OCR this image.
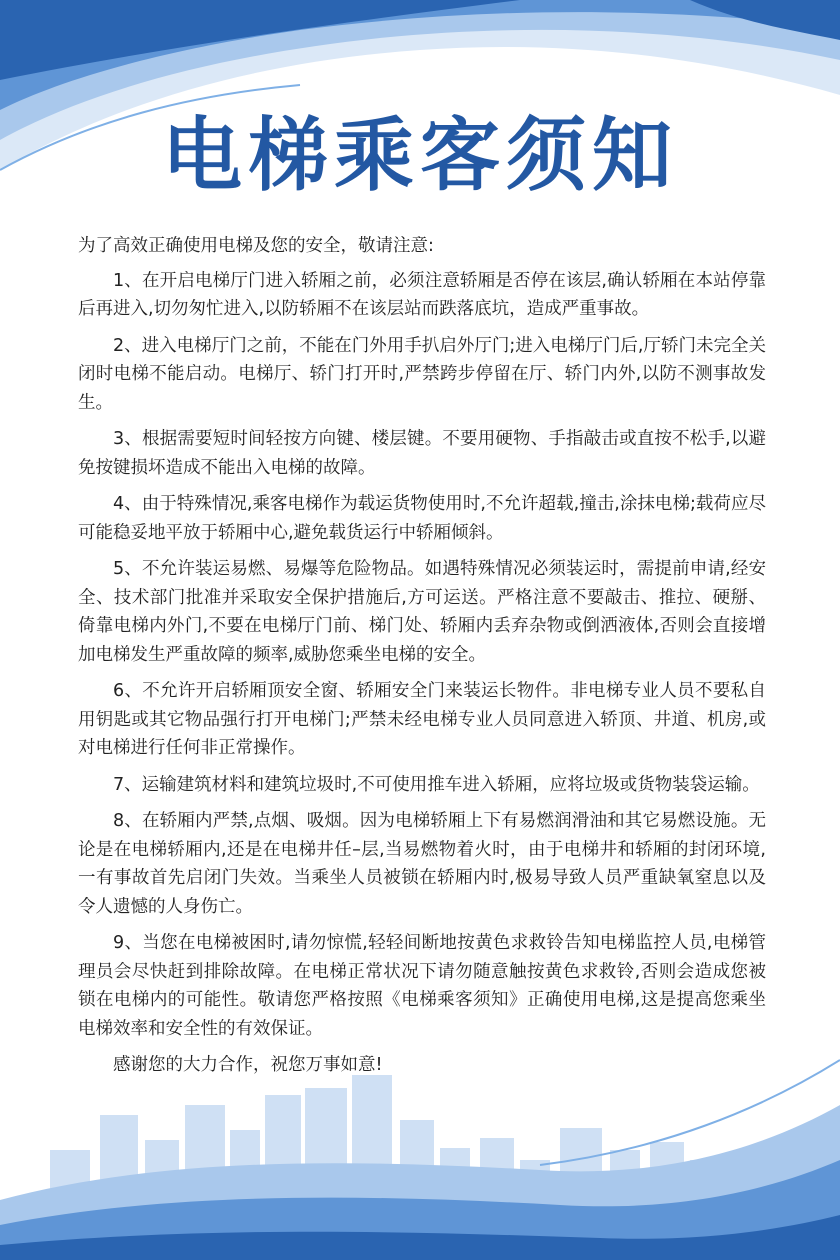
电梯乘客须知

为了高效正确使用电梯及您的安全，敬请注意:

1、在开启电梯厅门进入轿厢之前，必须注意轿厢是否停在该层,确认轿厢在本站停靠后再进入,切勿匆忙进入,以防轿厢不在该层站而跌落底坑，造成严重事故。

2、进入电梯厅门之前，不能在门外用手扒启外厅门;进入电梯厅门后,厅轿门未完全关闭时电梯不能启动。电梯厅、轿门打开时,严禁跨步停留在厅、轿门内外,以防不测事故发生。

3、根据需要短时间轻按方向键、楼层键。不要用硬物、手指敲击或直按不松手,以避免按键损坏造成不能出入电梯的故障。

4、由于特殊情况,乘客电梯作为载运货物使用时,不允许超载,撞击,涂抹电梯;载荷应尽可能稳妥地平放于轿厢中心,避免载货运行中轿厢倾斜。

5、不允许装运易燃、易爆等危险物品。如遇特殊情况必须装运时，需提前申请,经安全、技术部门批准并采取安全保护措施后,方可运送。严格注意不要敲击、推拉、硬掰、倚靠电梯内外门,不要在电梯厅门前、梯门处、轿厢内丢弃杂物或倒洒液体,否则会直接增加电梯发生严重故障的频率,威胁您乘坐电梯的安全。

6、不允许开启轿厢顶安全窗、轿厢安全门来装运长物件。非电梯专业人员不要私自用钥匙或其它物品强行打开电梯门;严禁未经电梯专业人员同意进入轿顶、井道、机房,或对电梯进行任何非正常操作。

7、运输建筑材料和建筑垃圾时,不可使用推车进入轿厢，应将垃圾或货物装袋运输。

8、在轿厢内严禁,点烟、吸烟。因为电梯轿厢上下有易燃润滑油和其它易燃设施。无论是在电梯轿厢内,还是在电梯井任–层,当易燃物着火时，由于电梯井和轿厢的封闭环境,一有事故首先启闭门失效。当乘坐人员被锁在轿厢内时,极易导致人员严重缺氧窒息以及令人遗憾的人身伤亡。

9、当您在电梯被困时,请勿惊慌,轻轻间断地按黄色求救铃告知电梯监控人员,电梯管理员会尽快赶到排除故障。在电梯正常状况下请勿随意触按黄色求救铃,否则会造成您被锁在电梯内的可能性。敬请您严格按照《电梯乘客须知》正确使用电梯,这是提高您乘坐电梯效率和安全性的有效保证。

感谢您的大力合作，祝您万事如意!
